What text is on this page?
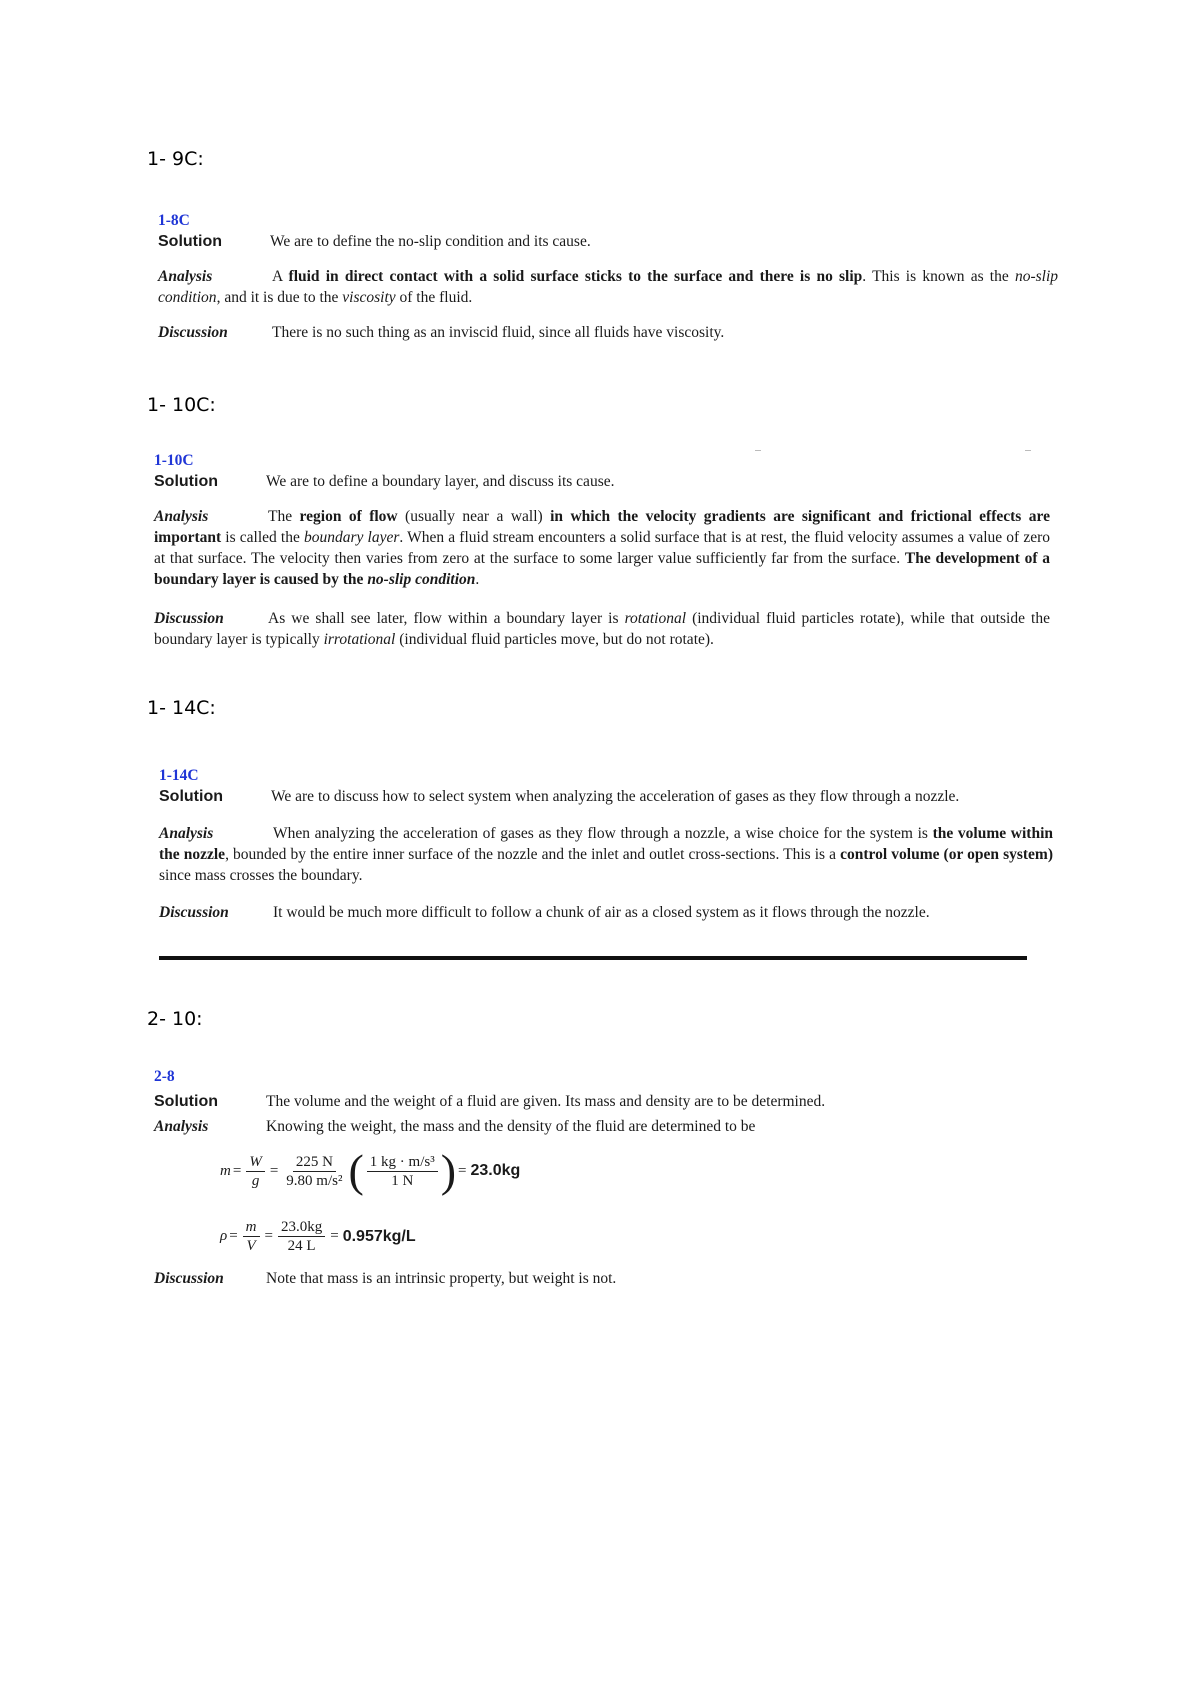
1- 9C:
1-8C

Solution	We are to define the no-slip condition and its cause.

Analysis	A fluid in direct contact with a solid surface sticks to the surface and there is no slip. This is known as the no-slip condition, and it is due to the viscosity of the fluid.

Discussion	There is no such thing as an inviscid fluid, since all fluids have viscosity.

1- 10C:
1-10C

Solution	We are to define a boundary layer, and discuss its cause.

Analysis	The region of flow (usually near a wall) in which the velocity gradients are significant and frictional effects are important is called the boundary layer. When a fluid stream encounters a solid surface that is at rest, the fluid velocity assumes a value of zero at that surface. The velocity then varies from zero at the surface to some larger value sufficiently far from the surface. The development of a boundary layer is caused by the no-slip condition.

Discussion	As we shall see later, flow within a boundary layer is rotational (individual fluid particles rotate), while that outside the boundary layer is typically irrotational (individual fluid particles move, but do not rotate).

1- 14C:
1-14C

Solution	We are to discuss how to select system when analyzing the acceleration of gases as they flow through a nozzle.

Analysis	When analyzing the acceleration of gases as they flow through a nozzle, a wise choice for the system is the volume within the nozzle, bounded by the entire inner surface of the nozzle and the inlet and outlet cross-sections. This is a control volume (or open system) since mass crosses the boundary.

Discussion	It would be much more difficult to follow a chunk of air as a closed system as it flows through the nozzle.

2- 10:
2-8

Solution	The volume and the weight of a fluid are given. Its mass and density are to be determined.

Analysis	Knowing the weight, the mass and the density of the fluid are determined to be

$m = \frac{W}{g} = \frac{225 N}{\text{9.80 m/s²}}$ ( $\frac{\text{1 kg · m/s³}}{1 N}$ ) = 23.0kg
$\rho = \frac{m}{V} = \frac{23.0kg}{24 L} = 0.957kg/L$

Discussion	Note that mass is an intrinsic property, but weight is not.
